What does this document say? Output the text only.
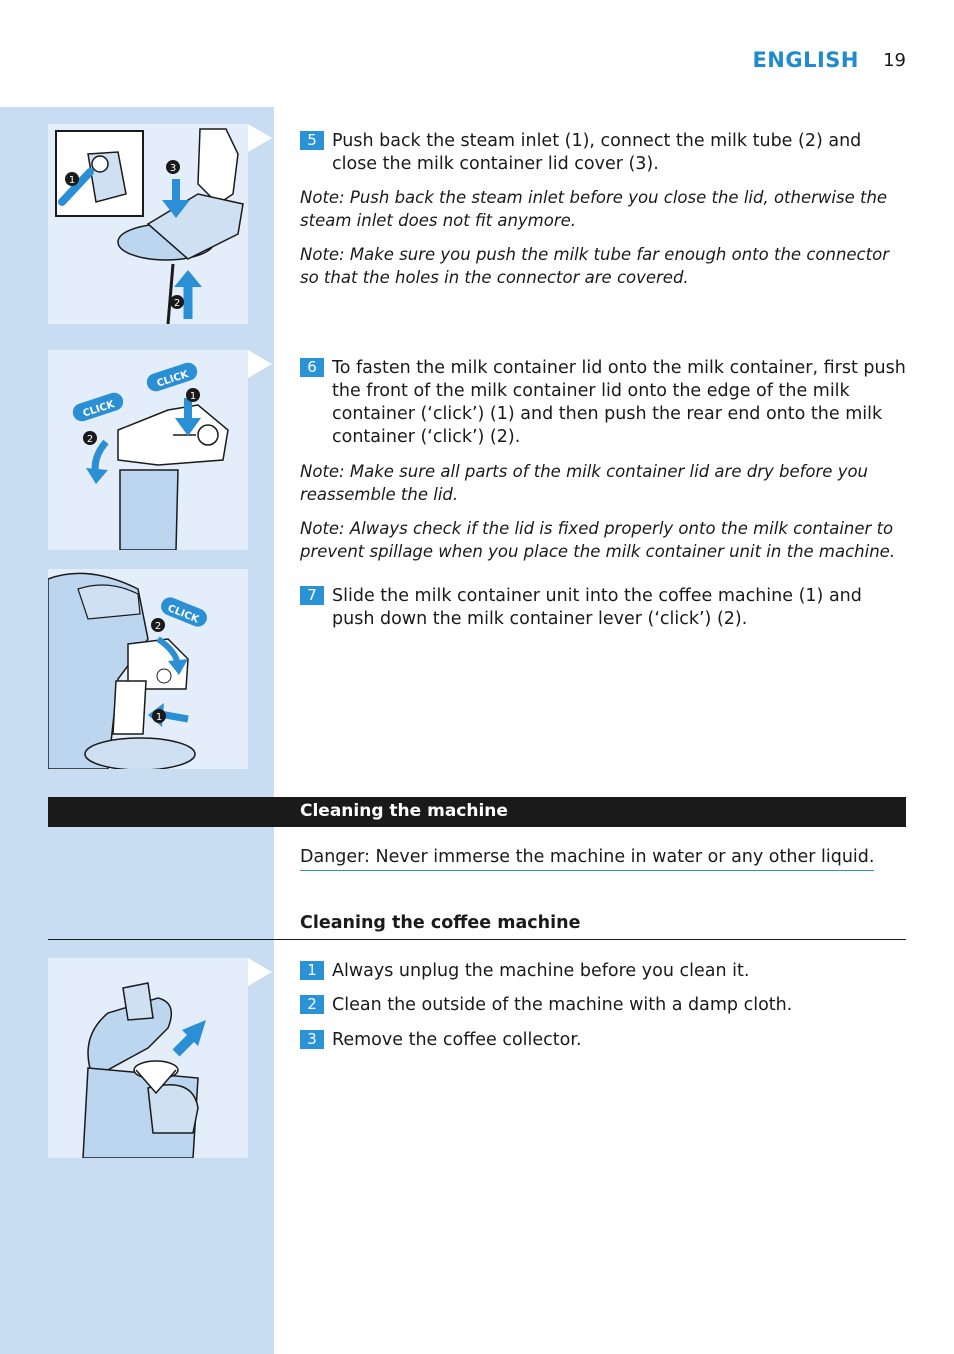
ENGLISH 19
1
2
3
CLICK
CLICK
1
2
CLICK
1
2
5 Push back the steam inlet (1), connect the milk tube (2) and close the milk container lid cover (3).
Note: Push back the steam inlet before you close the lid, otherwise the steam inlet does not fit anymore.
Note: Make sure you push the milk tube far enough onto the connector so that the holes in the connector are covered.
6 To fasten the milk container lid onto the milk container, first push the front of the milk container lid onto the edge of the milk container (‘click’) (1) and then push the rear end onto the milk container (‘click’) (2).
Note: Make sure all parts of the milk container lid are dry before you reassemble the lid.
Note: Always check if the lid is fixed properly onto the milk container to prevent spillage when you place the milk container unit in the machine.
7 Slide the milk container unit into the coffee machine (1) and push down the milk container lever (‘click’) (2).
Cleaning the machine
Danger: Never immerse the machine in water or any other liquid.
Cleaning the coffee machine
1 Always unplug the machine before you clean it.
2 Clean the outside of the machine with a damp cloth.
3 Remove the coffee collector.
